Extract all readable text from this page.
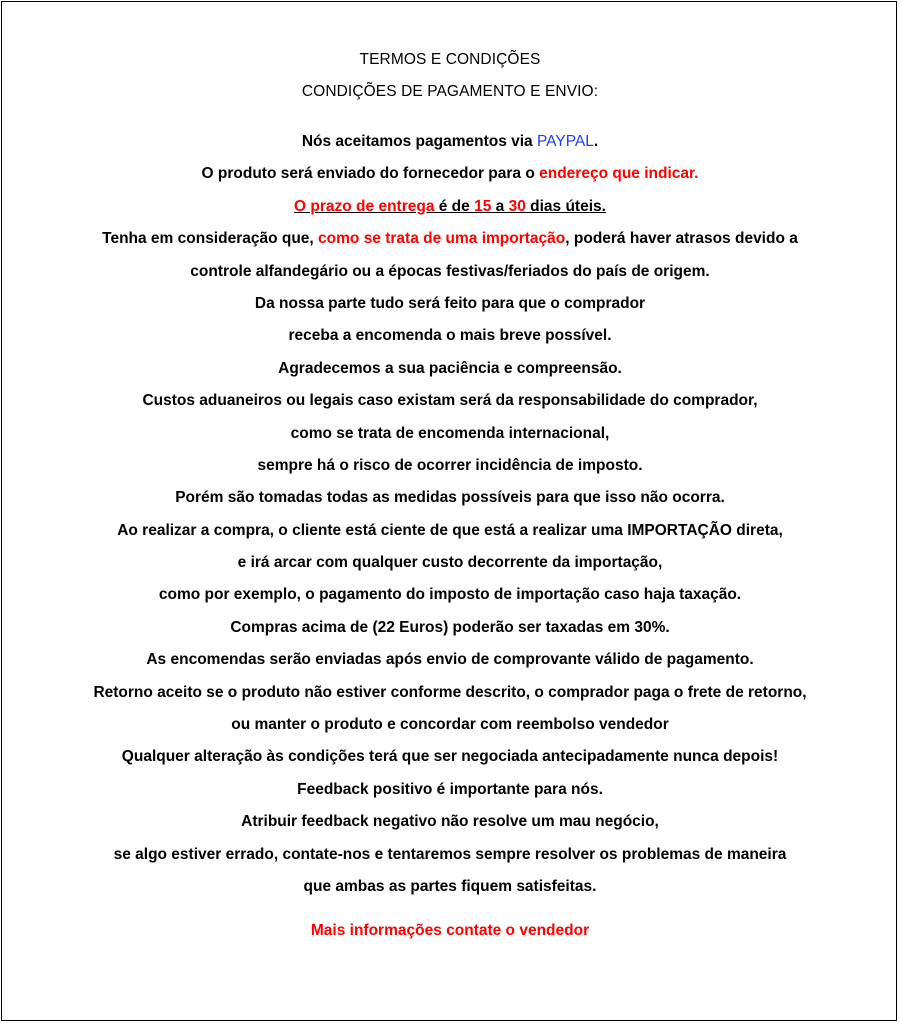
TERMOS E CONDIÇÕES
CONDIÇÕES DE PAGAMENTO E ENVIO:
Nós aceitamos pagamentos via PAYPAL.
O produto será enviado do fornecedor para o endereço que indicar.
O prazo de entrega é de 15 a 30 dias úteis.
Tenha em consideração que, como se trata de uma importação, poderá haver atrasos devido a
controle alfandegário ou a épocas festivas/feriados do país de origem.
Da nossa parte tudo será feito para que o comprador
receba a encomenda o mais breve possível.
Agradecemos a sua paciência e compreensão.
Custos aduaneiros ou legais caso existam será da responsabilidade do comprador,
como se trata de encomenda internacional,
sempre há o risco de ocorrer incidência de imposto.
Porém são tomadas todas as medidas possíveis para que isso não ocorra.
Ao realizar a compra, o cliente está ciente de que está a realizar uma IMPORTAÇÃO direta,
e irá arcar com qualquer custo decorrente da importação,
como por exemplo, o pagamento do imposto de importação caso haja taxação.
Compras acima de (22 Euros) poderão ser taxadas em 30%.
As encomendas serão enviadas após envio de comprovante válido de pagamento.
Retorno aceito se o produto não estiver conforme descrito, o comprador paga o frete de retorno,
ou manter o produto e concordar com reembolso vendedor
Qualquer alteração às condições terá que ser negociada antecipadamente nunca depois!
Feedback positivo é importante para nós.
Atribuir feedback negativo não resolve um mau negócio,
se algo estiver errado, contate-nos e tentaremos sempre resolver os problemas de maneira
que ambas as partes fiquem satisfeitas.
Mais informações contate o vendedor
